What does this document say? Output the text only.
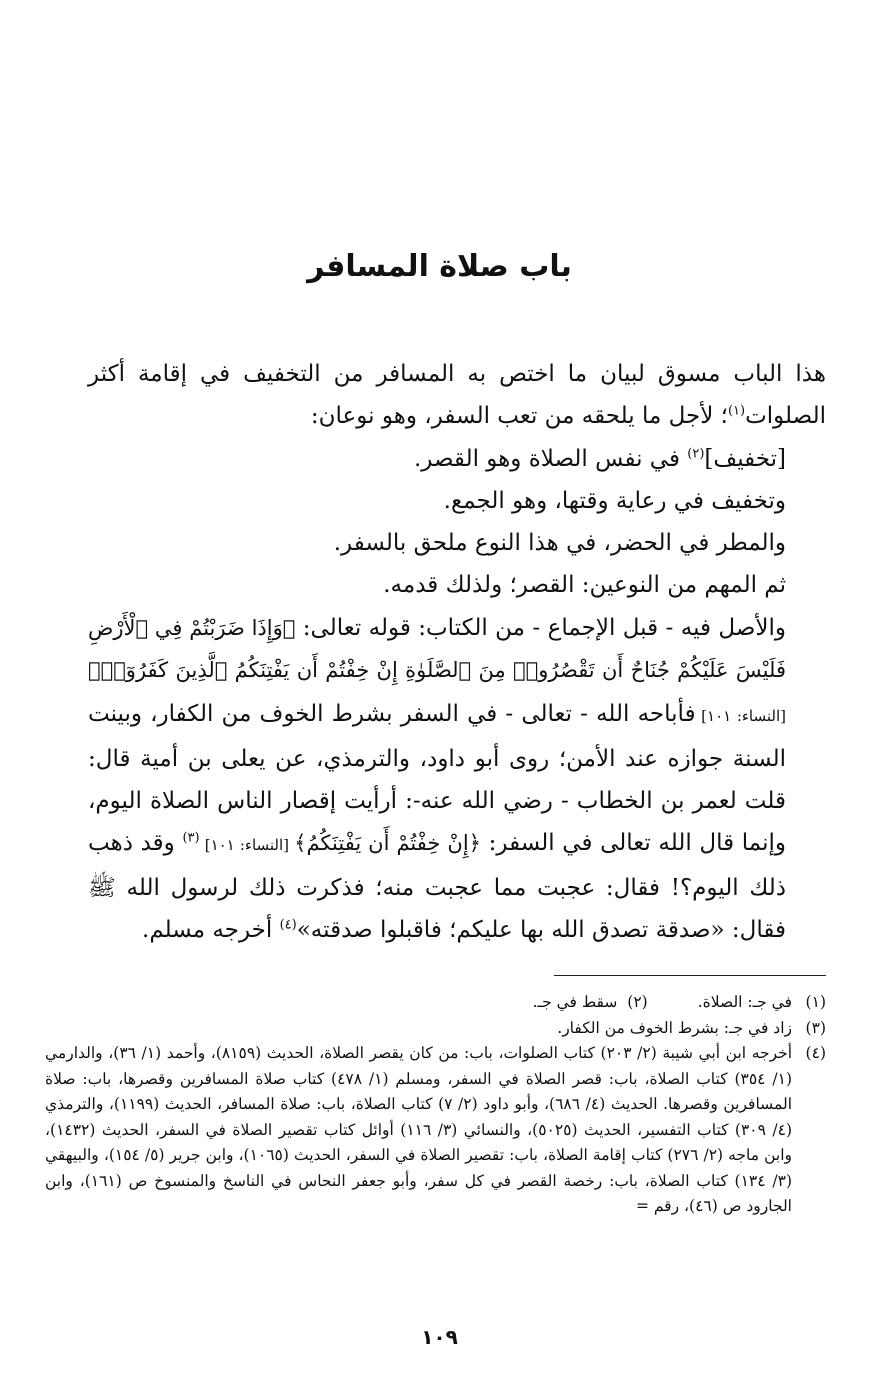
باب صلاة المسافر

هذا الباب مسوق لبيان ما اختص به المسافر من التخفيف في إقامة أكثر الصلوات$^{(١)}$؛ لأجل ما يلحقه من تعب السفر، وهو نوعان:

[تخفيف]$^{(٢)}$ في نفس الصلاة وهو القصر.

وتخفيف في رعاية وقتها، وهو الجمع.

والمطر في الحضر، في هذا النوع ملحق بالسفر.

ثم المهم من النوعين: القصر؛ ولذلك قدمه.

والأصل فيه - قبل الإجماع - من الكتاب: قوله تعالى: ﴿وَإِذَا ضَرَبْتُمْ فِي ٱلْأَرْضِ فَلَيْسَ عَلَيْكُمْ جُنَاحٌ أَن تَقْصُرُوا۟ مِنَ ٱلصَّلَوٰةِ إِنْ خِفْتُمْ أَن يَفْتِنَكُمُ ٱلَّذِينَ كَفَرُوٓا۟﴾ [النساء: ١٠١] فأباحه الله - تعالى - في السفر بشرط الخوف من الكفار، وبينت السنة جوازه عند الأمن؛ روى أبو داود، والترمذي، عن يعلى بن أمية قال: قلت لعمر بن الخطاب - رضي الله عنه-: أرأيت إقصار الناس الصلاة اليوم، وإنما قال الله تعالى في السفر: ﴿إِنْ خِفْتُمْ أَن يَفْتِنَكُمُ﴾ [النساء: ١٠١] $^{(٣)}$ وقد ذهب ذلك اليوم؟! فقال: عجبت مما عجبت منه؛ فذكرت ذلك لرسول الله ﷺ فقال: «صدقة تصدق الله بها عليكم؛ فاقبلوا صدقته»$^{(٤)}$ أخرجه مسلم.

(١)
في جـ: الصلاة.(٢)  سقط في جـ.
(٣)
زاد في جـ: بشرط الخوف من الكفار.
(٤)
أخرجه ابن أبي شيبة (٢/ ٢٠٣) كتاب الصلوات، باب: من كان يقصر الصلاة، الحديث (٨١٥٩)، وأحمد (١/ ٣٦)، والدارمي (١/ ٣٥٤) كتاب الصلاة، باب: قصر الصلاة في السفر، ومسلم (١/ ٤٧٨) كتاب صلاة المسافرين وقصرها، باب: صلاة المسافرين وقصرها. الحديث (٤/ ٦٨٦)، وأبو داود (٢/ ٧) كتاب الصلاة، باب: صلاة المسافر، الحديث (١١٩٩)، والترمذي (٤/ ٣٠٩) كتاب التفسير، الحديث (٥٠٢٥)، والنسائي (٣/ ١١٦) أوائل كتاب تقصير الصلاة في السفر، الحديث (١٤٣٢)، وابن ماجه (٢/ ٢٧٦) كتاب إقامة الصلاة، باب: تقصير الصلاة في السفر، الحديث (١٠٦٥)، وابن جرير (٥/ ١٥٤)، والبيهقي (٣/ ١٣٤) كتاب الصلاة، باب: رخصة القصر في كل سفر، وأبو جعفر النحاس في الناسخ والمنسوخ ص (١٦١)، وابن الجارود ص (٤٦)، رقم =
١٠٩
